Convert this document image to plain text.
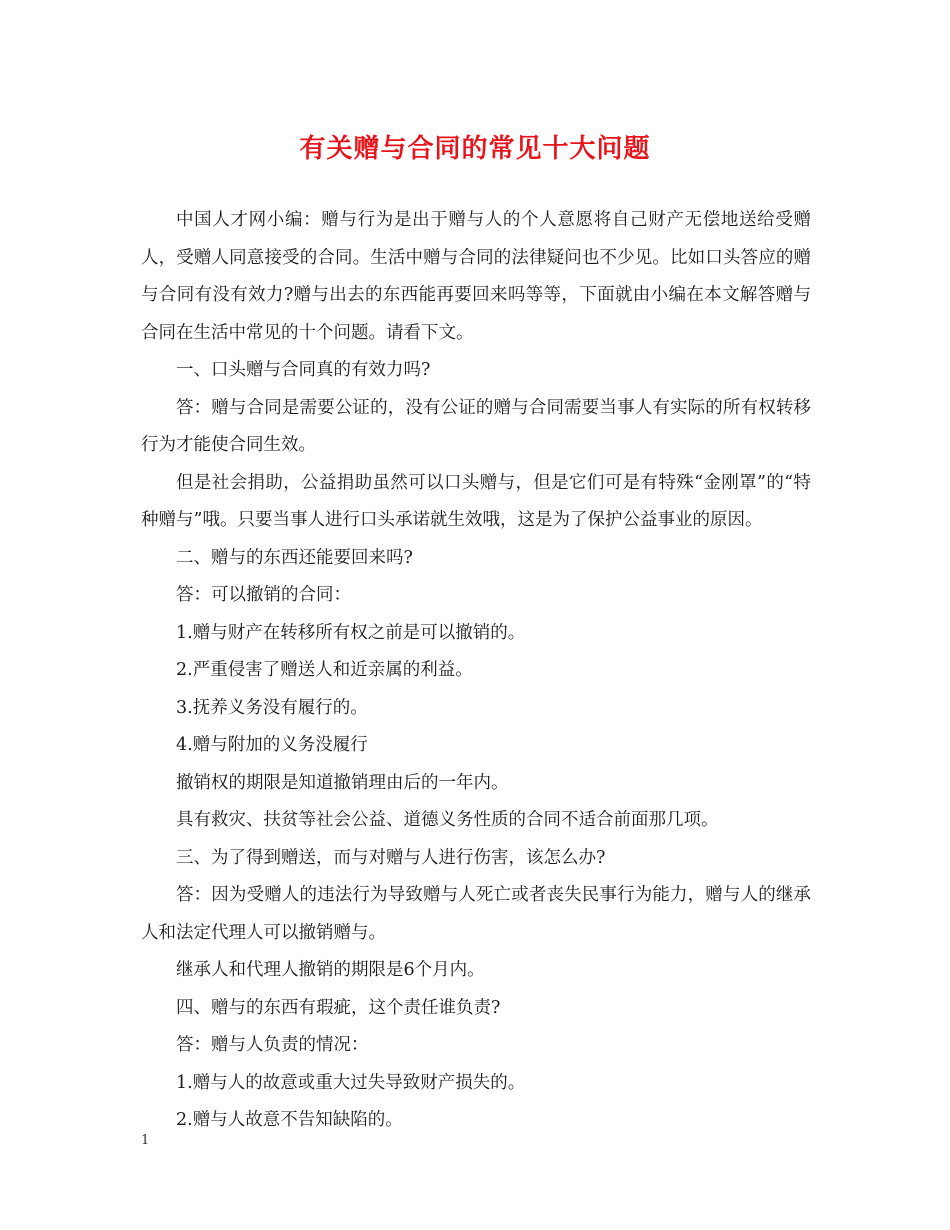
有关赠与合同的常见十大问题

中国人才网小编：赠与行为是出于赠与人的个人意愿将自己财产无偿地送给受赠人，受赠人同意接受的合同。生活中赠与合同的法律疑问也不少见。比如口头答应的赠与合同有没有效力?赠与出去的东西能再要回来吗等等，下面就由小编在本文解答赠与合同在生活中常见的十个问题。请看下文。

一、口头赠与合同真的有效力吗?

答：赠与合同是需要公证的，没有公证的赠与合同需要当事人有实际的所有权转移行为才能使合同生效。

但是社会捐助，公益捐助虽然可以口头赠与，但是它们可是有特殊“金刚罩”的“特种赠与”哦。只要当事人进行口头承诺就生效哦，这是为了保护公益事业的原因。

二、赠与的东西还能要回来吗?

答：可以撤销的合同：

1.赠与财产在转移所有权之前是可以撤销的。

2.严重侵害了赠送人和近亲属的利益。

3.抚养义务没有履行的。

4.赠与附加的义务没履行

撤销权的期限是知道撤销理由后的一年内。

具有救灾、扶贫等社会公益、道德义务性质的合同不适合前面那几项。

三、为了得到赠送，而与对赠与人进行伤害，该怎么办?

答：因为受赠人的违法行为导致赠与人死亡或者丧失民事行为能力，赠与人的继承人和法定代理人可以撤销赠与。

继承人和代理人撤销的期限是6个月内。

四、赠与的东西有瑕疵，这个责任谁负责?

答：赠与人负责的情况：

1.赠与人的故意或重大过失导致财产损失的。

2.赠与人故意不告知缺陷的。

1
